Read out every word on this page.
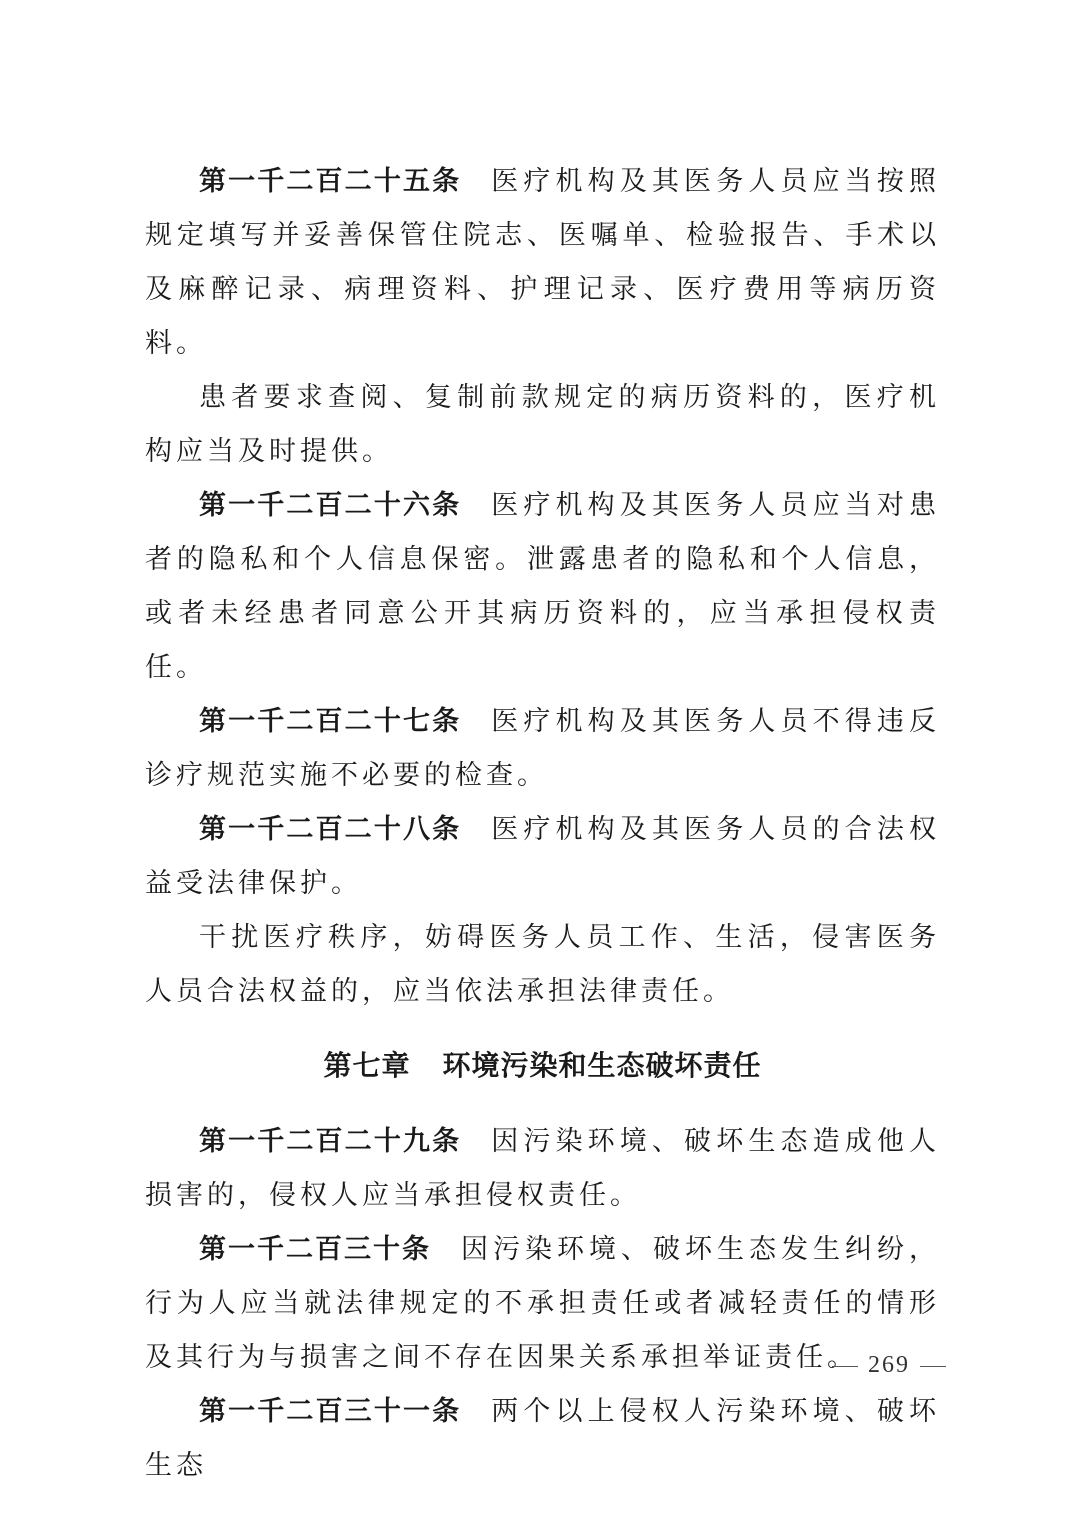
第一千二百二十五条 医疗机构及其医务人员应当按照规定填写并妥善保管住院志、医嘱单、检验报告、手术以及麻醉记录、病理资料、护理记录、医疗费用等病历资料。

患者要求查阅、复制前款规定的病历资料的，医疗机构应当及时提供。

第一千二百二十六条 医疗机构及其医务人员应当对患者的隐私和个人信息保密。泄露患者的隐私和个人信息，或者未经患者同意公开其病历资料的，应当承担侵权责任。

第一千二百二十七条 医疗机构及其医务人员不得违反诊疗规范实施不必要的检查。

第一千二百二十八条 医疗机构及其医务人员的合法权益受法律保护。

干扰医疗秩序，妨碍医务人员工作、生活，侵害医务人员合法权益的，应当依法承担法律责任。

第七章 环境污染和生态破坏责任

第一千二百二十九条 因污染环境、破坏生态造成他人损害的，侵权人应当承担侵权责任。

第一千二百三十条 因污染环境、破坏生态发生纠纷，行为人应当就法律规定的不承担责任或者减轻责任的情形及其行为与损害之间不存在因果关系承担举证责任。

第一千二百三十一条 两个以上侵权人污染环境、破坏生态

269
